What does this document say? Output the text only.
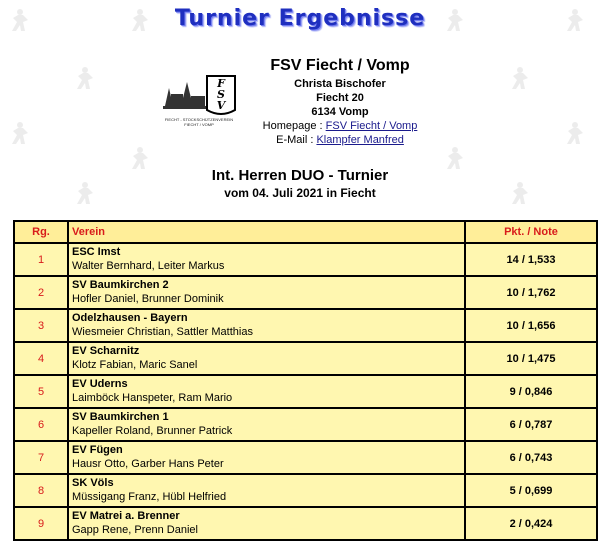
Turnier Ergebnisse
F
S
V
FIECHT - STOCKSCHÜTZENVEREIN FIECHT / VOMP
FSV Fiecht / Vomp
Christa Bischofer
Fiecht 20
6134 Vomp
Homepage : FSV Fiecht / Vomp
E-Mail : Klampfer Manfred
Int. Herren DUO - Turnier
vom 04. Juli 2021 in Fiecht
Rg.	Verein	Pkt. / Note
1	ESC Imst
Walter Bernhard, Leiter Markus	14 / 1,533
2	SV Baumkirchen 2
Hofler Daniel, Brunner Dominik	10 / 1,762
3	Odelzhausen - Bayern
Wiesmeier Christian, Sattler Matthias	10 / 1,656
4	EV Scharnitz
Klotz Fabian, Maric Sanel	10 / 1,475
5	EV Uderns
Laimböck Hanspeter, Ram Mario	9 / 0,846
6	SV Baumkirchen 1
Kapeller Roland, Brunner Patrick	6 / 0,787
7	EV Fügen
Hausr Otto, Garber Hans Peter	6 / 0,743
8	SK Völs
Müssigang Franz, Hübl Helfried	5 / 0,699
9	EV Matrei a. Brenner
Gapp Rene, Prenn Daniel	2 / 0,424
